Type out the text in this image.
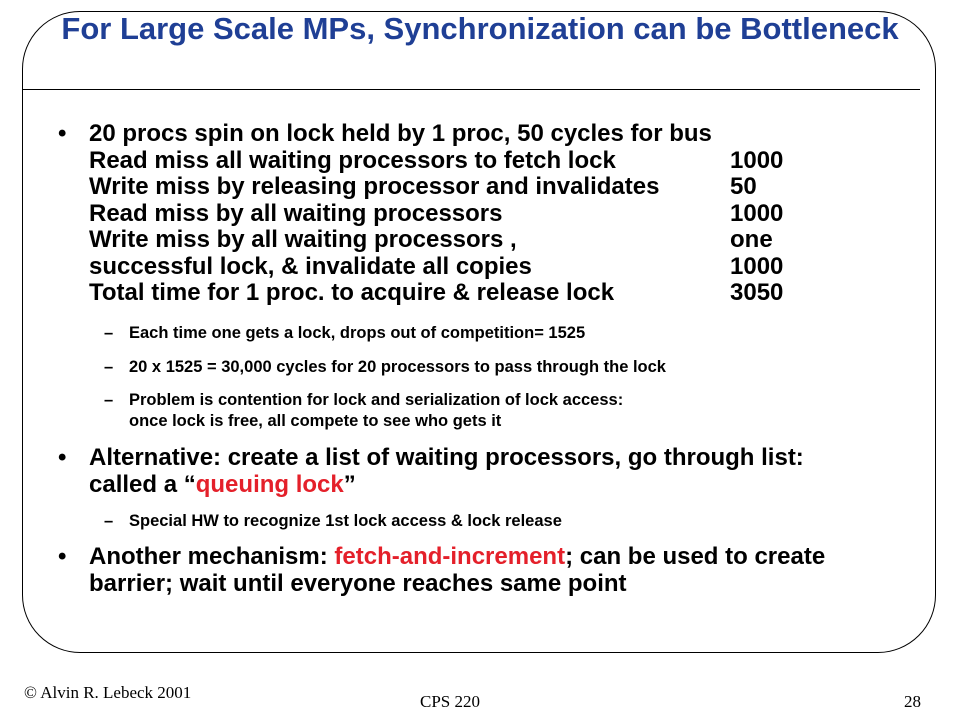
For Large Scale MPs, Synchronization can be Bottleneck
• 20 procs spin on lock held by 1 proc, 50 cycles for bus
Read miss all waiting processors to fetch lock	1000
Write miss by releasing processor and invalidates	50
Read miss by all waiting processors	1000
Write miss by all waiting processors ,	one
successful lock, & invalidate all copies	1000
Total time for 1 proc. to acquire & release lock	3050
– Each time one gets a lock, drops out of competition= 1525
– 20 x 1525 = 30,000 cycles for 20 processors to pass through the lock
– Problem is contention for lock and serialization of lock access:
once lock is free, all compete to see who gets it
• Alternative: create a list of waiting processors, go through list:
called a “queuing lock”
– Special HW to recognize 1st lock access & lock release
• Another mechanism: fetch-and-increment; can be used to create
barrier; wait until everyone reaches same point
© Alvin R. Lebeck 2001	CPS 220	28
